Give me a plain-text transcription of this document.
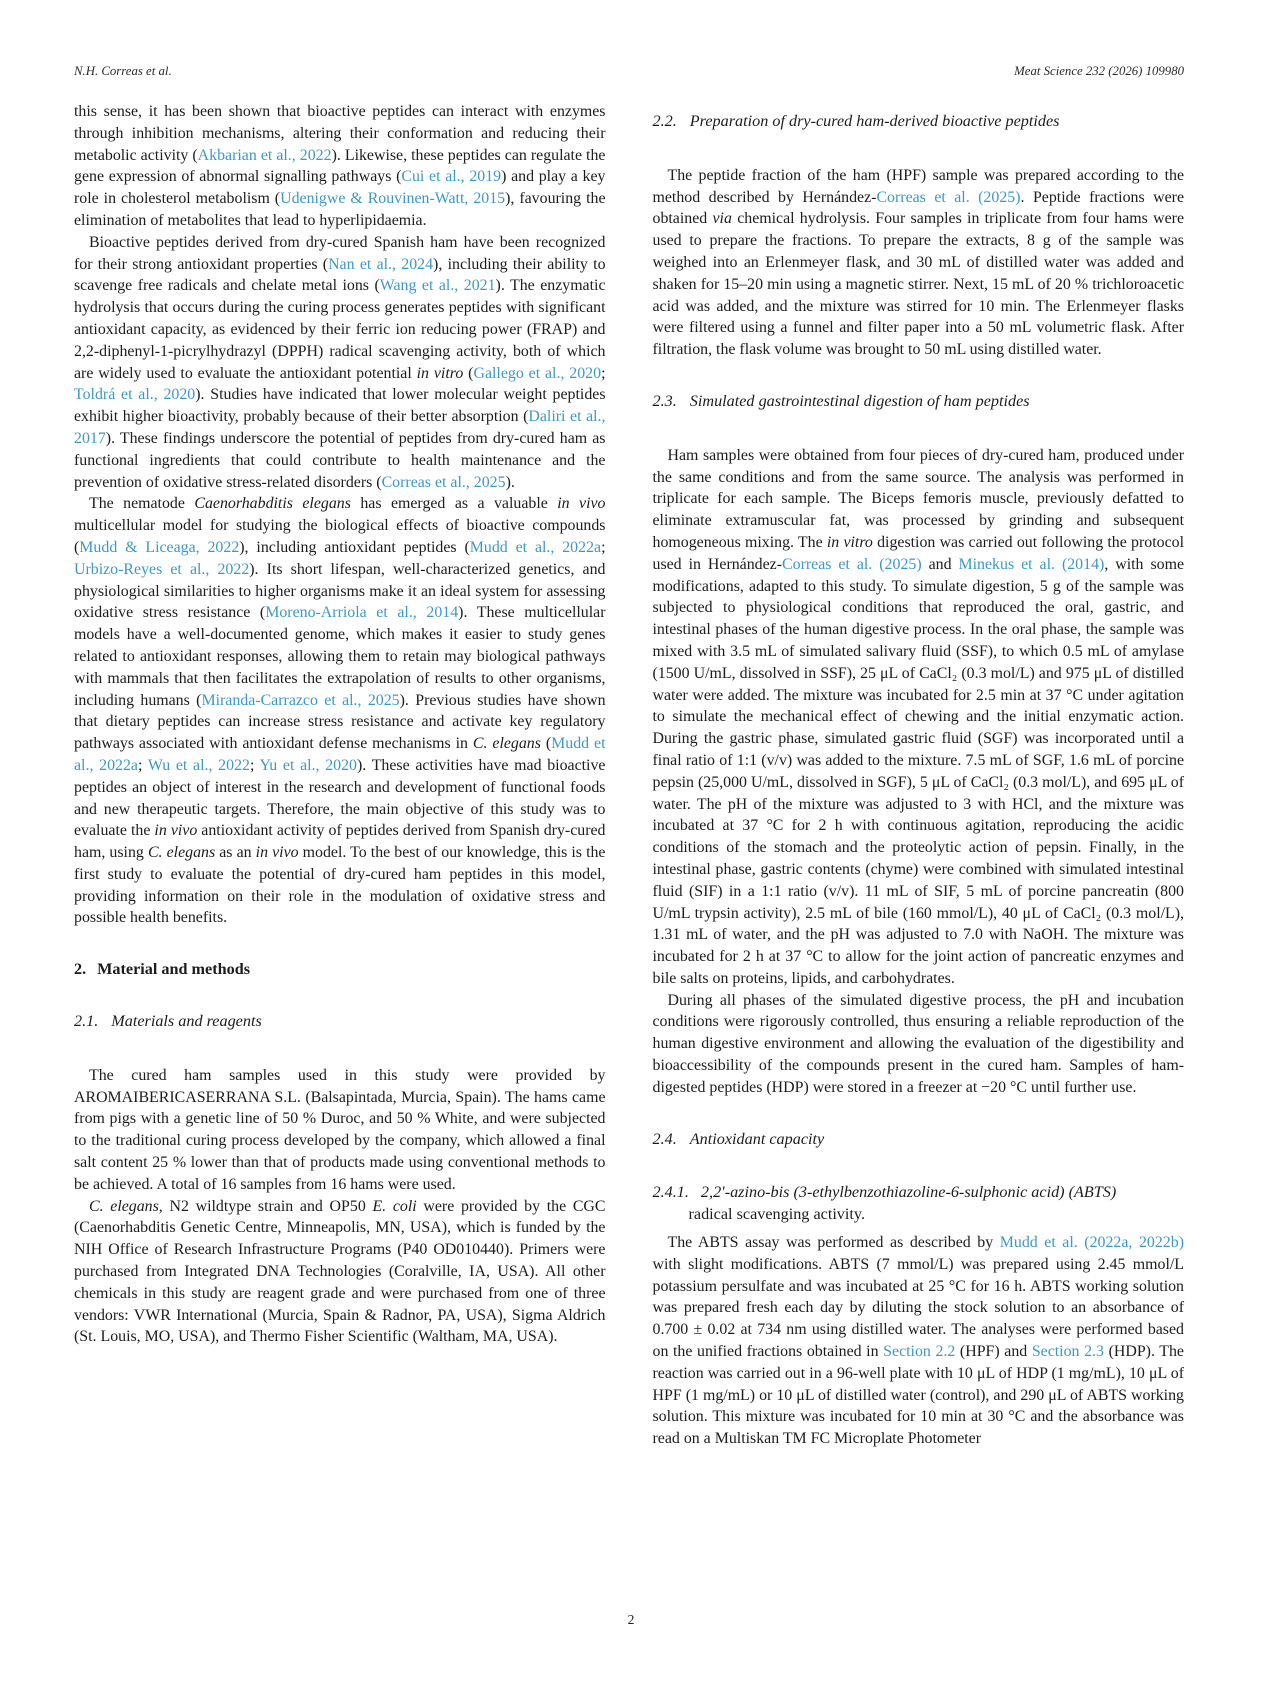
N.H. Correas et al.	Meat Science 232 (2026) 109980

this sense, it has been shown that bioactive peptides can interact with enzymes through inhibition mechanisms, altering their conformation and reducing their metabolic activity (Akbarian et al., 2022). Likewise, these peptides can regulate the gene expression of abnormal signalling pathways (Cui et al., 2019) and play a key role in cholesterol metabolism (Udenigwe & Rouvinen-Watt, 2015), favouring the elimination of metabolites that lead to hyperlipidaemia.

Bioactive peptides derived from dry-cured Spanish ham have been recognized for their strong antioxidant properties (Nan et al., 2024), including their ability to scavenge free radicals and chelate metal ions (Wang et al., 2021). The enzymatic hydrolysis that occurs during the curing process generates peptides with significant antioxidant capacity, as evidenced by their ferric ion reducing power (FRAP) and 2,2-diphenyl-1-picrylhydrazyl (DPPH) radical scavenging activity, both of which are widely used to evaluate the antioxidant potential in vitro (Gallego et al., 2020; Toldrá et al., 2020). Studies have indicated that lower molecular weight peptides exhibit higher bioactivity, probably because of their better absorption (Daliri et al., 2017). These findings underscore the potential of peptides from dry-cured ham as functional ingredients that could contribute to health maintenance and the prevention of oxidative stress-related disorders (Correas et al., 2025).

The nematode Caenorhabditis elegans has emerged as a valuable in vivo multicellular model for studying the biological effects of bioactive compounds (Mudd & Liceaga, 2022), including antioxidant peptides (Mudd et al., 2022a; Urbizo-Reyes et al., 2022). Its short lifespan, well-characterized genetics, and physiological similarities to higher organisms make it an ideal system for assessing oxidative stress resistance (Moreno-Arriola et al., 2014). These multicellular models have a well-documented genome, which makes it easier to study genes related to antioxidant responses, allowing them to retain may biological pathways with mammals that then facilitates the extrapolation of results to other organisms, including humans (Miranda-Carrazco et al., 2025). Previous studies have shown that dietary peptides can increase stress resistance and activate key regulatory pathways associated with antioxidant defense mechanisms in C. elegans (Mudd et al., 2022a; Wu et al., 2022; Yu et al., 2020). These activities have mad bioactive peptides an object of interest in the research and development of functional foods and new therapeutic targets. Therefore, the main objective of this study was to evaluate the in vivo antioxidant activity of peptides derived from Spanish dry-cured ham, using C. elegans as an in vivo model. To the best of our knowledge, this is the first study to evaluate the potential of dry-cured ham peptides in this model, providing information on their role in the modulation of oxidative stress and possible health benefits.

2. Material and methods
2.1. Materials and reagents

The cured ham samples used in this study were provided by AROMAIBERICASERRANA S.L. (Balsapintada, Murcia, Spain). The hams came from pigs with a genetic line of 50 % Duroc, and 50 % White, and were subjected to the traditional curing process developed by the company, which allowed a final salt content 25 % lower than that of products made using conventional methods to be achieved. A total of 16 samples from 16 hams were used.

C. elegans, N2 wildtype strain and OP50 E. coli were provided by the CGC (Caenorhabditis Genetic Centre, Minneapolis, MN, USA), which is funded by the NIH Office of Research Infrastructure Programs (P40 OD010440). Primers were purchased from Integrated DNA Technologies (Coralville, IA, USA). All other chemicals in this study are reagent grade and were purchased from one of three vendors: VWR International (Murcia, Spain & Radnor, PA, USA), Sigma Aldrich (St. Louis, MO, USA), and Thermo Fisher Scientific (Waltham, MA, USA).

2.2. Preparation of dry-cured ham-derived bioactive peptides

The peptide fraction of the ham (HPF) sample was prepared according to the method described by Hernández-Correas et al. (2025). Peptide fractions were obtained via chemical hydrolysis. Four samples in triplicate from four hams were used to prepare the fractions. To prepare the extracts, 8 g of the sample was weighed into an Erlenmeyer flask, and 30 mL of distilled water was added and shaken for 15–20 min using a magnetic stirrer. Next, 15 mL of 20 % trichloroacetic acid was added, and the mixture was stirred for 10 min. The Erlenmeyer flasks were filtered using a funnel and filter paper into a 50 mL volumetric flask. After filtration, the flask volume was brought to 50 mL using distilled water.

2.3. Simulated gastrointestinal digestion of ham peptides

Ham samples were obtained from four pieces of dry-cured ham, produced under the same conditions and from the same source. The analysis was performed in triplicate for each sample. The Biceps femoris muscle, previously defatted to eliminate extramuscular fat, was processed by grinding and subsequent homogeneous mixing. The in vitro digestion was carried out following the protocol used in Hernández-Correas et al. (2025) and Minekus et al. (2014), with some modifications, adapted to this study. To simulate digestion, 5 g of the sample was subjected to physiological conditions that reproduced the oral, gastric, and intestinal phases of the human digestive process. In the oral phase, the sample was mixed with 3.5 mL of simulated salivary fluid (SSF), to which 0.5 mL of amylase (1500 U/mL, dissolved in SSF), 25 μL of CaCl₂ (0.3 mol/L) and 975 μL of distilled water were added. The mixture was incubated for 2.5 min at 37 °C under agitation to simulate the mechanical effect of chewing and the initial enzymatic action. During the gastric phase, simulated gastric fluid (SGF) was incorporated until a final ratio of 1:1 (v/v) was added to the mixture. 7.5 mL of SGF, 1.6 mL of porcine pepsin (25,000 U/mL, dissolved in SGF), 5 μL of CaCl₂ (0.3 mol/L), and 695 μL of water. The pH of the mixture was adjusted to 3 with HCl, and the mixture was incubated at 37 °C for 2 h with continuous agitation, reproducing the acidic conditions of the stomach and the proteolytic action of pepsin. Finally, in the intestinal phase, gastric contents (chyme) were combined with simulated intestinal fluid (SIF) in a 1:1 ratio (v/v). 11 mL of SIF, 5 mL of porcine pancreatin (800 U/mL trypsin activity), 2.5 mL of bile (160 mmol/L), 40 μL of CaCl₂ (0.3 mol/L), 1.31 mL of water, and the pH was adjusted to 7.0 with NaOH. The mixture was incubated for 2 h at 37 °C to allow for the joint action of pancreatic enzymes and bile salts on proteins, lipids, and carbohydrates.

During all phases of the simulated digestive process, the pH and incubation conditions were rigorously controlled, thus ensuring a reliable reproduction of the human digestive environment and allowing the evaluation of the digestibility and bioaccessibility of the compounds present in the cured ham. Samples of ham-digested peptides (HDP) were stored in a freezer at −20 °C until further use.

2.4. Antioxidant capacity
2.4.1. 2,2′-azino-bis (3-ethylbenzothiazoline-6-sulphonic acid) (ABTS)
radical scavenging activity.

The ABTS assay was performed as described by Mudd et al. (2022a, 2022b) with slight modifications. ABTS (7 mmol/L) was prepared using 2.45 mmol/L potassium persulfate and was incubated at 25 °C for 16 h. ABTS working solution was prepared fresh each day by diluting the stock solution to an absorbance of 0.700 ± 0.02 at 734 nm using distilled water. The analyses were performed based on the unified fractions obtained in Section 2.2 (HPF) and Section 2.3 (HDP). The reaction was carried out in a 96-well plate with 10 μL of HDP (1 mg/mL), 10 μL of HPF (1 mg/mL) or 10 μL of distilled water (control), and 290 μL of ABTS working solution. This mixture was incubated for 10 min at 30 °C and the absorbance was read on a Multiskan TM FC Microplate Photometer

2
